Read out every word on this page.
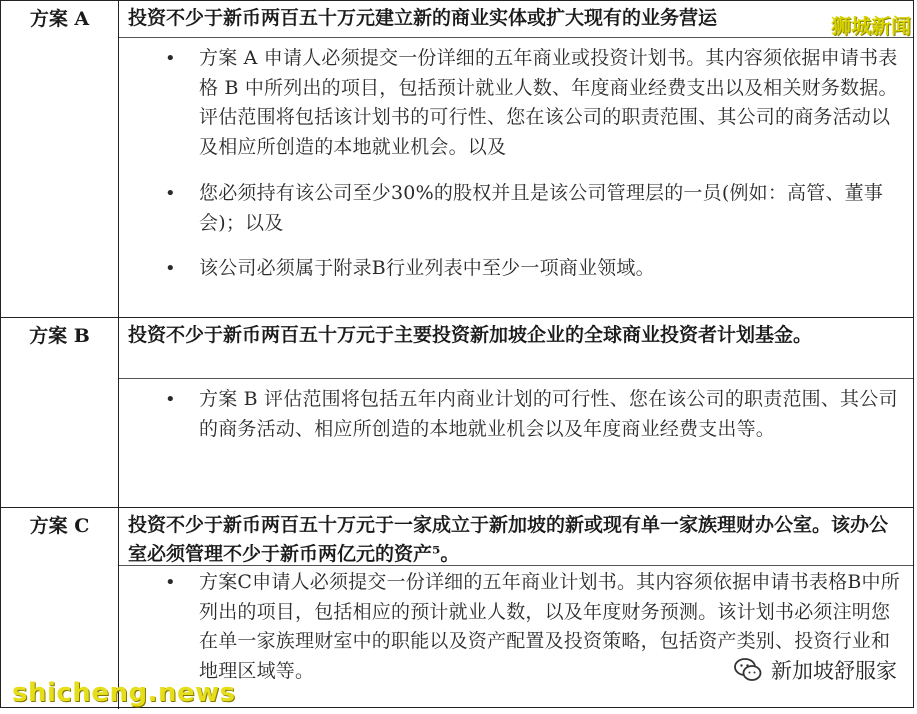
方案 A	投资不少于新币两百五十万元建立新的商业实体或扩大现有的业务营运
• 方案 A 申请人必须提交一份详细的五年商业或投资计划书。其内容须依据申请书表格 B 中所列出的项目，包括预计就业人数、年度商业经费支出以及相关财务数据。评估范围将包括该计划书的可行性、您在该公司的职责范围、其公司的商务活动以及相应所创造的本地就业机会。以及
• 您必须持有该公司至少30%的股权并且是该公司管理层的一员(例如：高管、董事会)；以及
• 该公司必须属于附录B行业列表中至少一项商业领域。
方案 B	投资不少于新币两百五十万元于主要投资新加坡企业的全球商业投资者计划基金。
• 方案 B 评估范围将包括五年内商业计划的可行性、您在该公司的职责范围、其公司的商务活动、相应所创造的本地就业机会以及年度商业经费支出等。
方案 C	投资不少于新币两百五十万元于一家成立于新加坡的新或现有单一家族理财办公室。该办公室必须管理不少于新币两亿元的资产⁵。
• 方案C申请人必须提交一份详细的五年商业计划书。其内容须依据申请书表格B中所列出的项目，包括相应的预计就业人数，以及年度财务预测。该计划书必须注明您在单一家族理财室中的职能以及资产配置及投资策略，包括资产类别、投资行业和地理区域等。
狮城新闻
新加坡舒服家
shicheng.news
